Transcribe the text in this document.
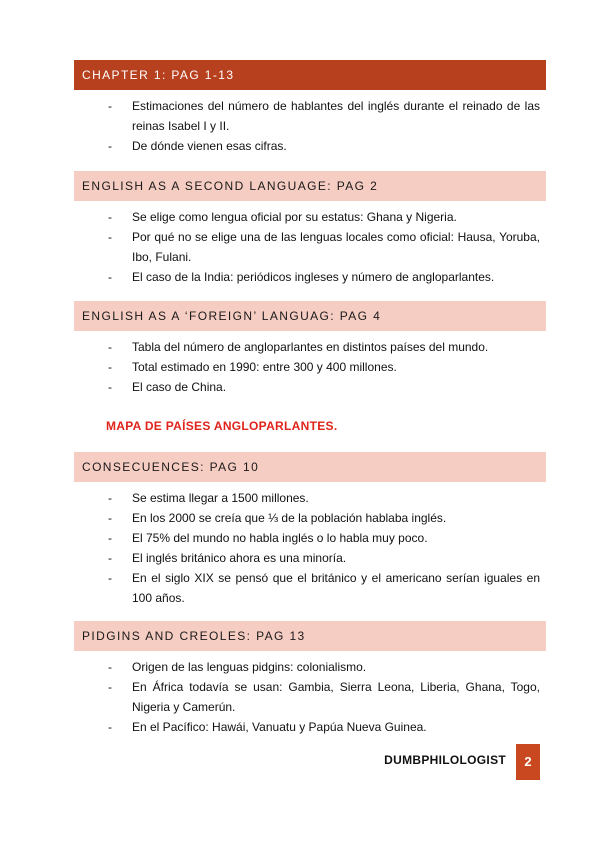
CHAPTER 1: PAG 1-13
- Estimaciones del número de hablantes del inglés durante el reinado de las reinas Isabel I y II.
- De dónde vienen esas cifras.
ENGLISH AS A SECOND LANGUAGE: PAG 2
- Se elige como lengua oficial por su estatus: Ghana y Nigeria.
- Por qué no se elige una de las lenguas locales como oficial: Hausa, Yoruba, Ibo, Fulani.
- El caso de la India: periódicos ingleses y número de angloparlantes.
ENGLISH AS A ‘FOREIGN’ LANGUAG: PAG 4
- Tabla del número de angloparlantes en distintos países del mundo.
- Total estimado en 1990: entre 300 y 400 millones.
- El caso de China.
MAPA DE PAÍSES ANGLOPARLANTES.
CONSECUENCES: PAG 10
- Se estima llegar a 1500 millones.
- En los 2000 se creía que ⅓ de la población hablaba inglés.
- El 75% del mundo no habla inglés o lo habla muy poco.
- El inglés británico ahora es una minoría.
- En el siglo XIX se pensó que el británico y el americano serían iguales en 100 años.
PIDGINS AND CREOLES: PAG 13
- Origen de las lenguas pidgins: colonialismo.
- En África todavía se usan: Gambia, Sierra Leona, Liberia, Ghana, Togo, Nigeria y Camerún.
- En el Pacífico: Hawái, Vanuatu y Papúa Nueva Guinea.
DUMBPHILOLOGIST	2
